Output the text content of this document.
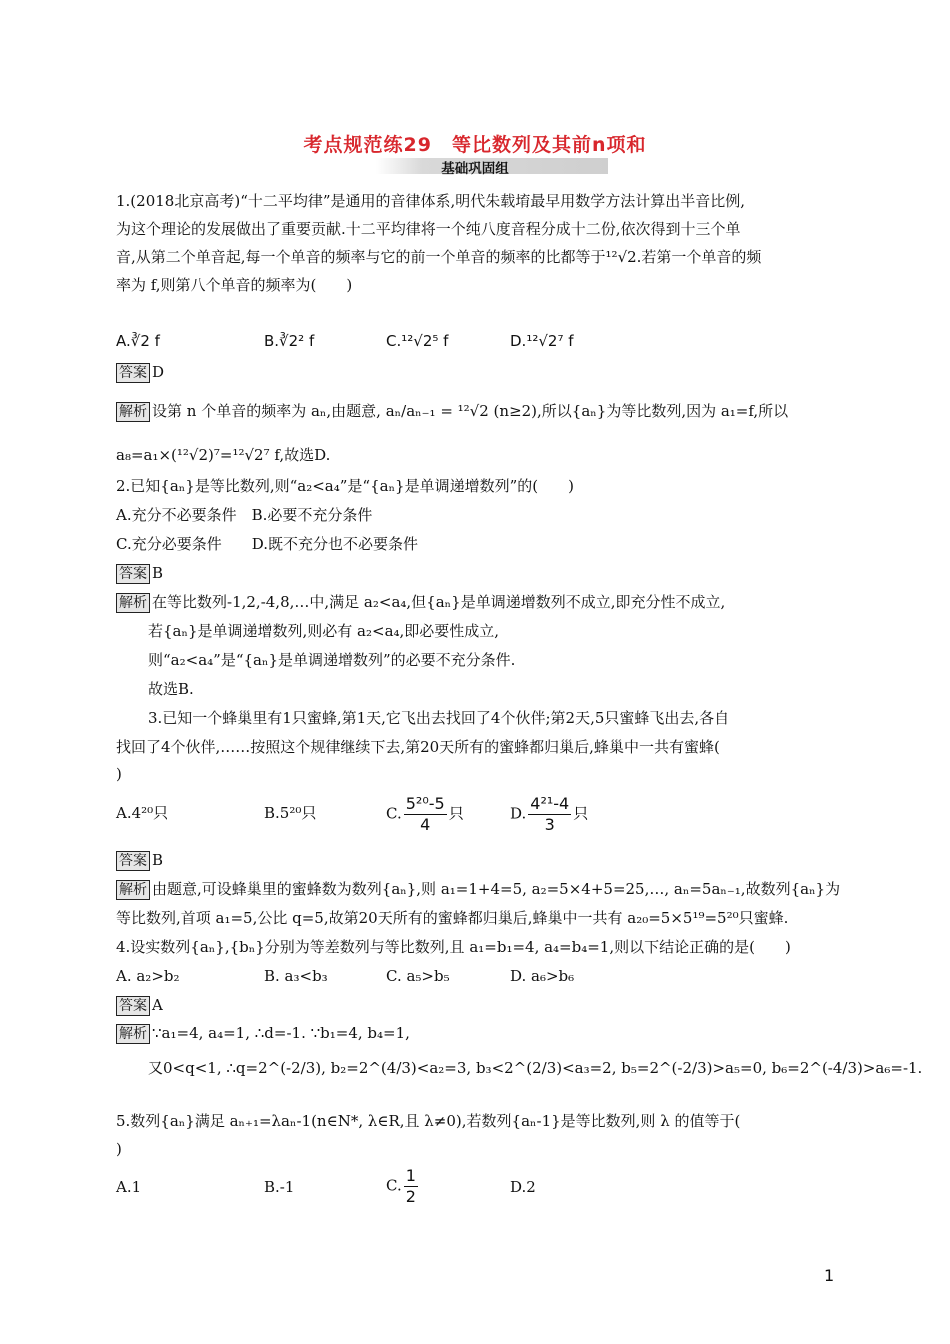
考点规范练29　等比数列及其前n项和
基础巩固组
1.(2018北京高考)“十二平均律”是通用的音律体系,明代朱载堉最早用数学方法计算出半音比例,
为这个理论的发展做出了重要贡献.十二平均律将一个纯八度音程分成十二份,依次得到十三个单
音,从第二个单音起,每一个单音的频率与它的前一个单音的频率的比都等于¹²√2.若第一个单音的频
率为 f,则第八个单音的频率为(　　)
A.∛2 f	B.∛2² f	C.¹²√2⁵ f	D.¹²√2⁷ f
答案 D
解析 设第 n 个单音的频率为 aₙ,由题意, aₙ/aₙ₋₁ = ¹²√2 (n≥2),所以{aₙ}为等比数列,因为 a₁=f,所以
a₈=a₁×(¹²√2)⁷=¹²√2⁷ f,故选D.
2.已知{aₙ}是等比数列,则“a₂<a₄”是“{aₙ}是单调递增数列”的(　　)
A.充分不必要条件　B.必要不充分条件
C.充分必要条件　　D.既不充分也不必要条件
答案 B
解析 在等比数列-1,2,-4,8,…中,满足 a₂<a₄,但{aₙ}是单调递增数列不成立,即充分性不成立,
若{aₙ}是单调递增数列,则必有 a₂<a₄,即必要性成立,
则“a₂<a₄”是“{aₙ}是单调递增数列”的必要不充分条件.
故选B.
3.已知一个蜂巢里有1只蜜蜂,第1天,它飞出去找回了4个伙伴;第2天,5只蜜蜂飞出去,各自
找回了4个伙伴,……按照这个规律继续下去,第20天所有的蜜蜂都归巢后,蜂巢中一共有蜜蜂(
)
A.4²⁰只	B.5²⁰只	C. $\frac{\text{5²⁰-5}}{4}$ 只	D. $\frac{\text{4²¹-4}}{3}$ 只
答案 B
解析 由题意,可设蜂巢里的蜜蜂数为数列{aₙ},则 a₁=1+4=5, a₂=5×4+5=25,…, aₙ=5aₙ₋₁,故数列{aₙ}为
等比数列,首项 a₁=5,公比 q=5,故第20天所有的蜜蜂都归巢后,蜂巢中一共有 a₂₀=5×5¹⁹=5²⁰只蜜蜂.
4.设实数列{aₙ},{bₙ}分别为等差数列与等比数列,且 a₁=b₁=4, a₄=b₄=1,则以下结论正确的是(　　)
A. a₂>b₂	B. a₃<b₃	C. a₅>b₅	D. a₆>b₆
答案 A
解析 ∵a₁=4, a₄=1, ∴d=-1. ∵b₁=4, b₄=1,
又0<q<1, ∴q=2^(-2/3), b₂=2^(4/3)<a₂=3, b₃<2^(2/3)<a₃=2, b₅=2^(-2/3)>a₅=0, b₆=2^(-4/3)>a₆=-1.
5.数列{aₙ}满足 aₙ₊₁=λaₙ-1(n∈N*, λ∈R,且 λ≠0),若数列{aₙ-1}是等比数列,则 λ 的值等于(
)
A.1	B.-1	C. $\frac{1}{2}$	D.2
1
